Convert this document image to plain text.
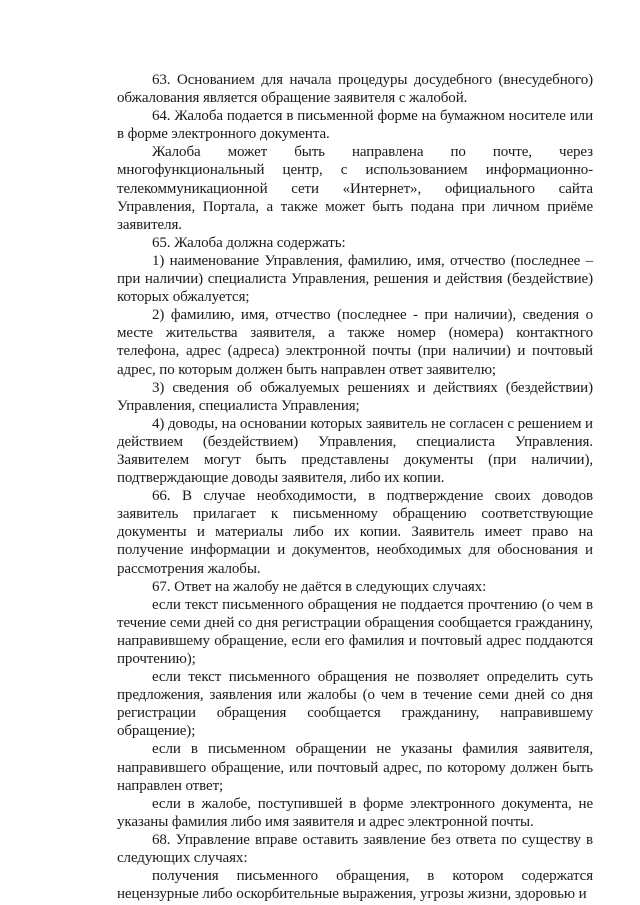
63. Основанием для начала процедуры досудебного (внесудебного) обжалования является обращение заявителя с жалобой.

64. Жалоба подается в письменной форме на бумажном носителе или в форме электронного документа.

Жалоба может быть направлена по почте, через многофункциональный центр, с использованием информационно-телекоммуникационной сети «Интернет», официального сайта Управления, Портала, а также может быть подана при личном приёме заявителя.

65. Жалоба должна содержать:

1) наименование Управления, фамилию, имя, отчество (последнее – при наличии) специалиста Управления, решения и действия (бездействие) которых обжалуется;

2) фамилию, имя, отчество (последнее - при наличии), сведения о месте жительства заявителя, а также номер (номера) контактного телефона, адрес (адреса) электронной почты (при наличии) и почтовый адрес, по которым должен быть направлен ответ заявителю;

3) сведения об обжалуемых решениях и действиях (бездействии) Управления, специалиста Управления;

4) доводы, на основании которых заявитель не согласен с решением и действием (бездействием) Управления, специалиста Управления. Заявителем могут быть представлены документы (при наличии), подтверждающие доводы заявителя, либо их копии.

66. В случае необходимости, в подтверждение своих доводов заявитель прилагает к письменному обращению соответствующие документы и материалы либо их копии. Заявитель имеет право на получение информации и документов, необходимых для обоснования и рассмотрения жалобы.

67. Ответ на жалобу не даётся в следующих случаях:

если текст письменного обращения не поддается прочтению (о чем в течение семи дней со дня регистрации обращения сообщается гражданину, направившему обращение, если его фамилия и почтовый адрес поддаются прочтению);

если текст письменного обращения не позволяет определить суть предложения, заявления или жалобы (о чем в течение семи дней со дня регистрации обращения сообщается гражданину, направившему обращение);

если в письменном обращении не указаны фамилия заявителя, направившего обращение, или почтовый адрес, по которому должен быть направлен ответ;

если в жалобе, поступившей в форме электронного документа, не указаны фамилия либо имя заявителя и адрес электронной почты.

68. Управление вправе оставить заявление без ответа по существу в следующих случаях:

получения письменного обращения, в котором содержатся нецензурные либо оскорбительные выражения, угрозы жизни, здоровью и
